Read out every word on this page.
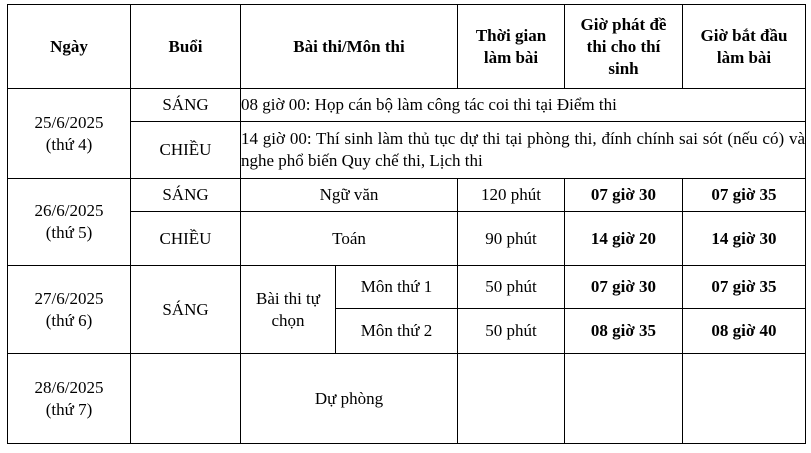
Ngày	Buổi	Bài thi/Môn thi		Thời gian làm bài	Giờ phát đề thi cho thí sinh	Giờ bắt đầu làm bài

25/6/2025
(thứ 4)	SÁNG	08 giờ 00: Họp cán bộ làm công tác coi thi tại Điểm thi				
	CHIỀU	14 giờ 00: Thí sinh làm thủ tục dự thi tại phòng thi, đính chính sai sót (nếu có) và nghe phổ biến Quy chế thi, Lịch thi				

26/6/2025
(thứ 5)	SÁNG	Ngữ văn		120 phút	07 giờ 30	07 giờ 35
	CHIỀU	Toán		90 phút	14 giờ 20	14 giờ 30

27/6/2025
(thứ 6)	SÁNG	Bài thi tự chọn	Môn thứ 1	50 phút	07 giờ 30	07 giờ 35
			Môn thứ 2	50 phút	08 giờ 35	08 giờ 40

28/6/2025
(thứ 7)		Dự phòng				
